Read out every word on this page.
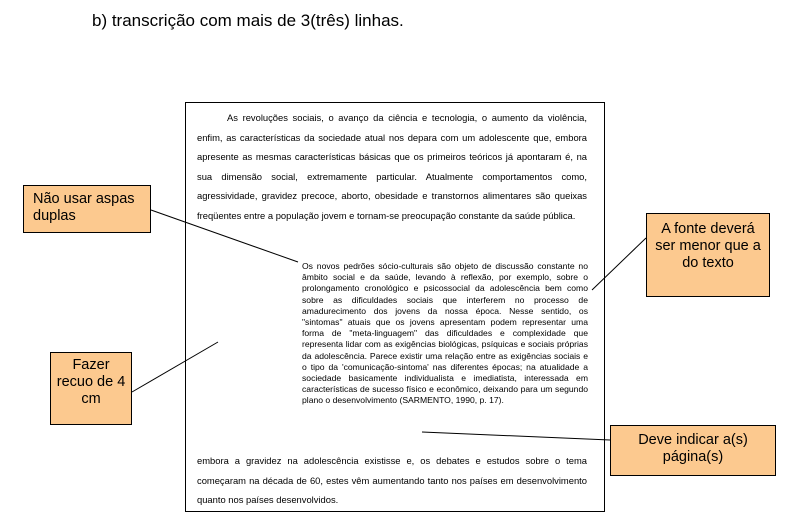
b) transcrição com mais de 3(três) linhas.

As revoluções sociais, o avanço da ciência e tecnologia, o aumento da violência, enfim, as características da sociedade atual nos depara com um adolescente que, embora apresente as mesmas características básicas que os primeiros teóricos já apontaram é, na sua dimensão social, extremamente particular. Atualmente comportamentos como, agressividade, gravidez precoce, aborto, obesidade e transtornos alimentares são queixas freqüentes entre a população jovem e tornam-se preocupação constante da saúde pública.

Os novos pedrões sócio-culturais são objeto de discussão constante no âmbito social e da saúde, levando à reflexão, por exemplo, sobre o prolongamento cronológico e psicossocial da adolescência bem como sobre as dificuldades sociais que interferem no processo de amadurecimento dos jovens da nossa época. Nesse sentido, os "sintomas" atuais que os jovens apresentam podem representar uma forma de "meta-linguagem" das dificuldades e complexidade que representa lidar com as exigências biológicas, psíquicas e sociais próprias da adolescência. Parece existir uma relação entre as exigências sociais e o tipo da 'comunicação-sintoma' nas diferentes épocas; na atualidade a sociedade basicamente individualista e imediatista, interessada em características de sucesso físico e econômico, deixando para um segundo plano o desenvolvimento (SARMENTO, 1990, p. 17).

embora a gravidez na adolescência existisse e, os debates e estudos sobre o tema começaram na década de 60, estes vêm aumentando tanto nos países em desenvolvimento quanto nos países desenvolvidos.

Não usar aspas duplas
A fonte deverá ser menor que a do texto
Fazer recuo de 4 cm
Deve indicar a(s) página(s)
